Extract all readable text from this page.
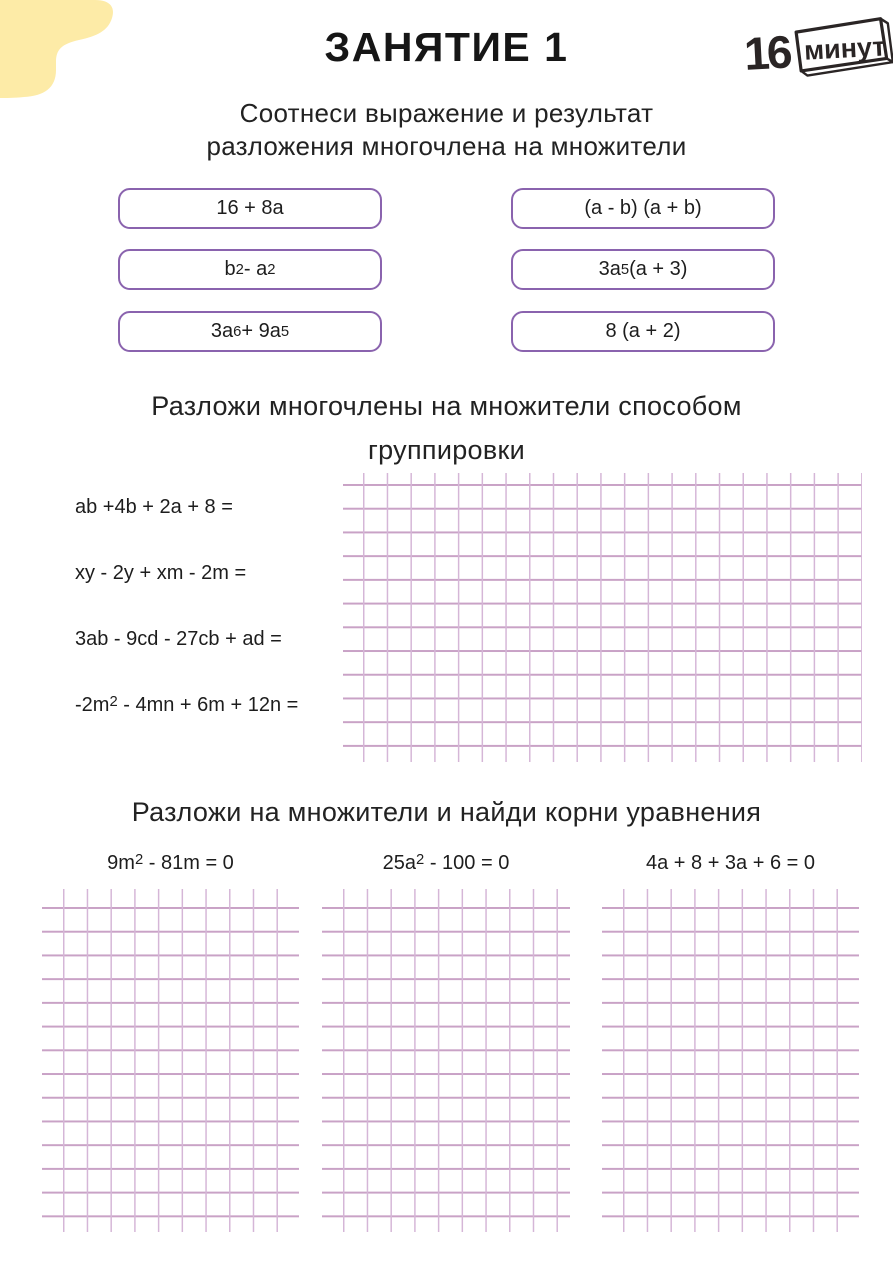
16 минут
ЗАНЯТИЕ 1
Соотнеси выражение и результат
разложения многочлена на множители
16 + 8a
b 2 - a 2
3a 6 + 9a 5
(a - b) (a + b)
3a 5 (a + 3)
8 (a + 2)
Разложи многочлены на множители способом
группировки
ab +4b + 2a + 8 =
xy - 2y + xm - 2m =
3ab - 9cd - 27cb + ad =
$-2m^2 - 4mn + 6m + 12n$ =
Разложи на множители и найди корни уравнения
$9m^2 - 81m = 0$	$25a^2 - 100 = 0$	4a + 8 + 3a + 6 = 0
